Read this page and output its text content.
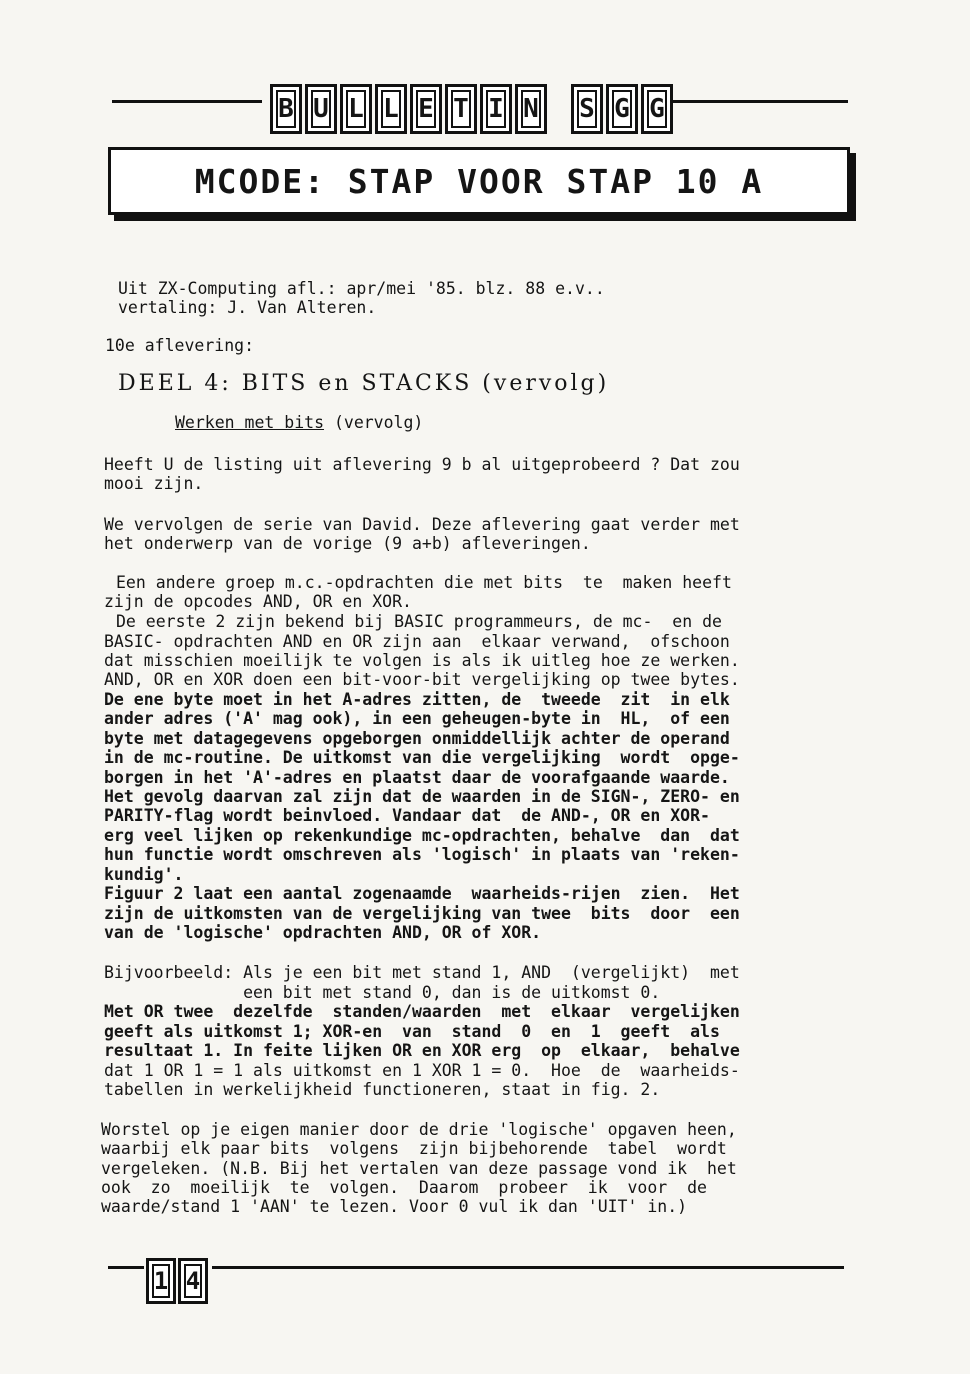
B U L L E T I N	S G G
MCODE: STAP VOOR STAP 10 A
Uit ZX-Computing afl.: apr/mei '85. blz. 88 e.v..
vertaling: J. Van Alteren.
10e aflevering:
DEEL 4: BITS en STACKS (vervolg)
Werken met bits (vervolg)
Heeft U de listing uit aflevering 9 b al uitgeprobeerd ? Dat zou
mooi zijn.
We vervolgen de serie van David. Deze aflevering gaat verder met
het onderwerp van de vorige (9 a+b) afleveringen.
Een andere groep m.c.-opdrachten die met bits  te  maken heeft
zijn de opcodes AND, OR en XOR.
De eerste 2 zijn bekend bij BASIC programmeurs, de mc-  en de
BASIC- opdrachten AND en OR zijn aan  elkaar verwand,  ofschoon
dat misschien moeilijk te volgen is als ik uitleg hoe ze werken.
AND, OR en XOR doen een bit-voor-bit vergelijking op twee bytes.
De ene byte moet in het A-adres zitten, de  tweede  zit  in elk
ander adres ('A' mag ook), in een geheugen-byte in  HL,  of een
byte met datagegevens opgeborgen onmiddellijk achter de operand
in de mc-routine. De uitkomst van die vergelijking  wordt  opge-
borgen in het 'A'-adres en plaatst daar de voorafgaande waarde.
Het gevolg daarvan zal zijn dat de waarden in de SIGN-, ZERO- en
PARITY-flag wordt beinvloed. Vandaar dat  de AND-, OR en XOR-
erg veel lijken op rekenkundige mc-opdrachten, behalve  dan  dat
hun functie wordt omschreven als 'logisch' in plaats van 'reken-
kundig'.
Figuur 2 laat een aantal zogenaamde  waarheids-rijen  zien.  Het
zijn de uitkomsten van de vergelijking van twee  bits  door  een
van de 'logische' opdrachten AND, OR of XOR.
Bijvoorbeeld: Als je een bit met stand 1, AND  (vergelijkt)  met
een bit met stand 0, dan is de uitkomst 0.
Met OR twee  dezelfde  standen/waarden  met  elkaar  vergelijken
geeft als uitkomst 1; XOR-en  van  stand  0  en  1  geeft  als
resultaat 1. In feite lijken OR en XOR erg  op  elkaar,  behalve
dat 1 OR 1 = 1 als uitkomst en 1 XOR 1 = 0.  Hoe  de  waarheids-
tabellen in werkelijkheid functioneren, staat in fig. 2.
Worstel op je eigen manier door de drie 'logische' opgaven heen,
waarbij elk paar bits  volgens  zijn bijbehorende  tabel  wordt
vergeleken. (N.B. Bij het vertalen van deze passage vond ik  het
ook  zo  moeilijk  te  volgen.  Daarom  probeer  ik  voor  de
waarde/stand 1 'AAN' te lezen. Voor 0 vul ik dan 'UIT' in.)
1 4
